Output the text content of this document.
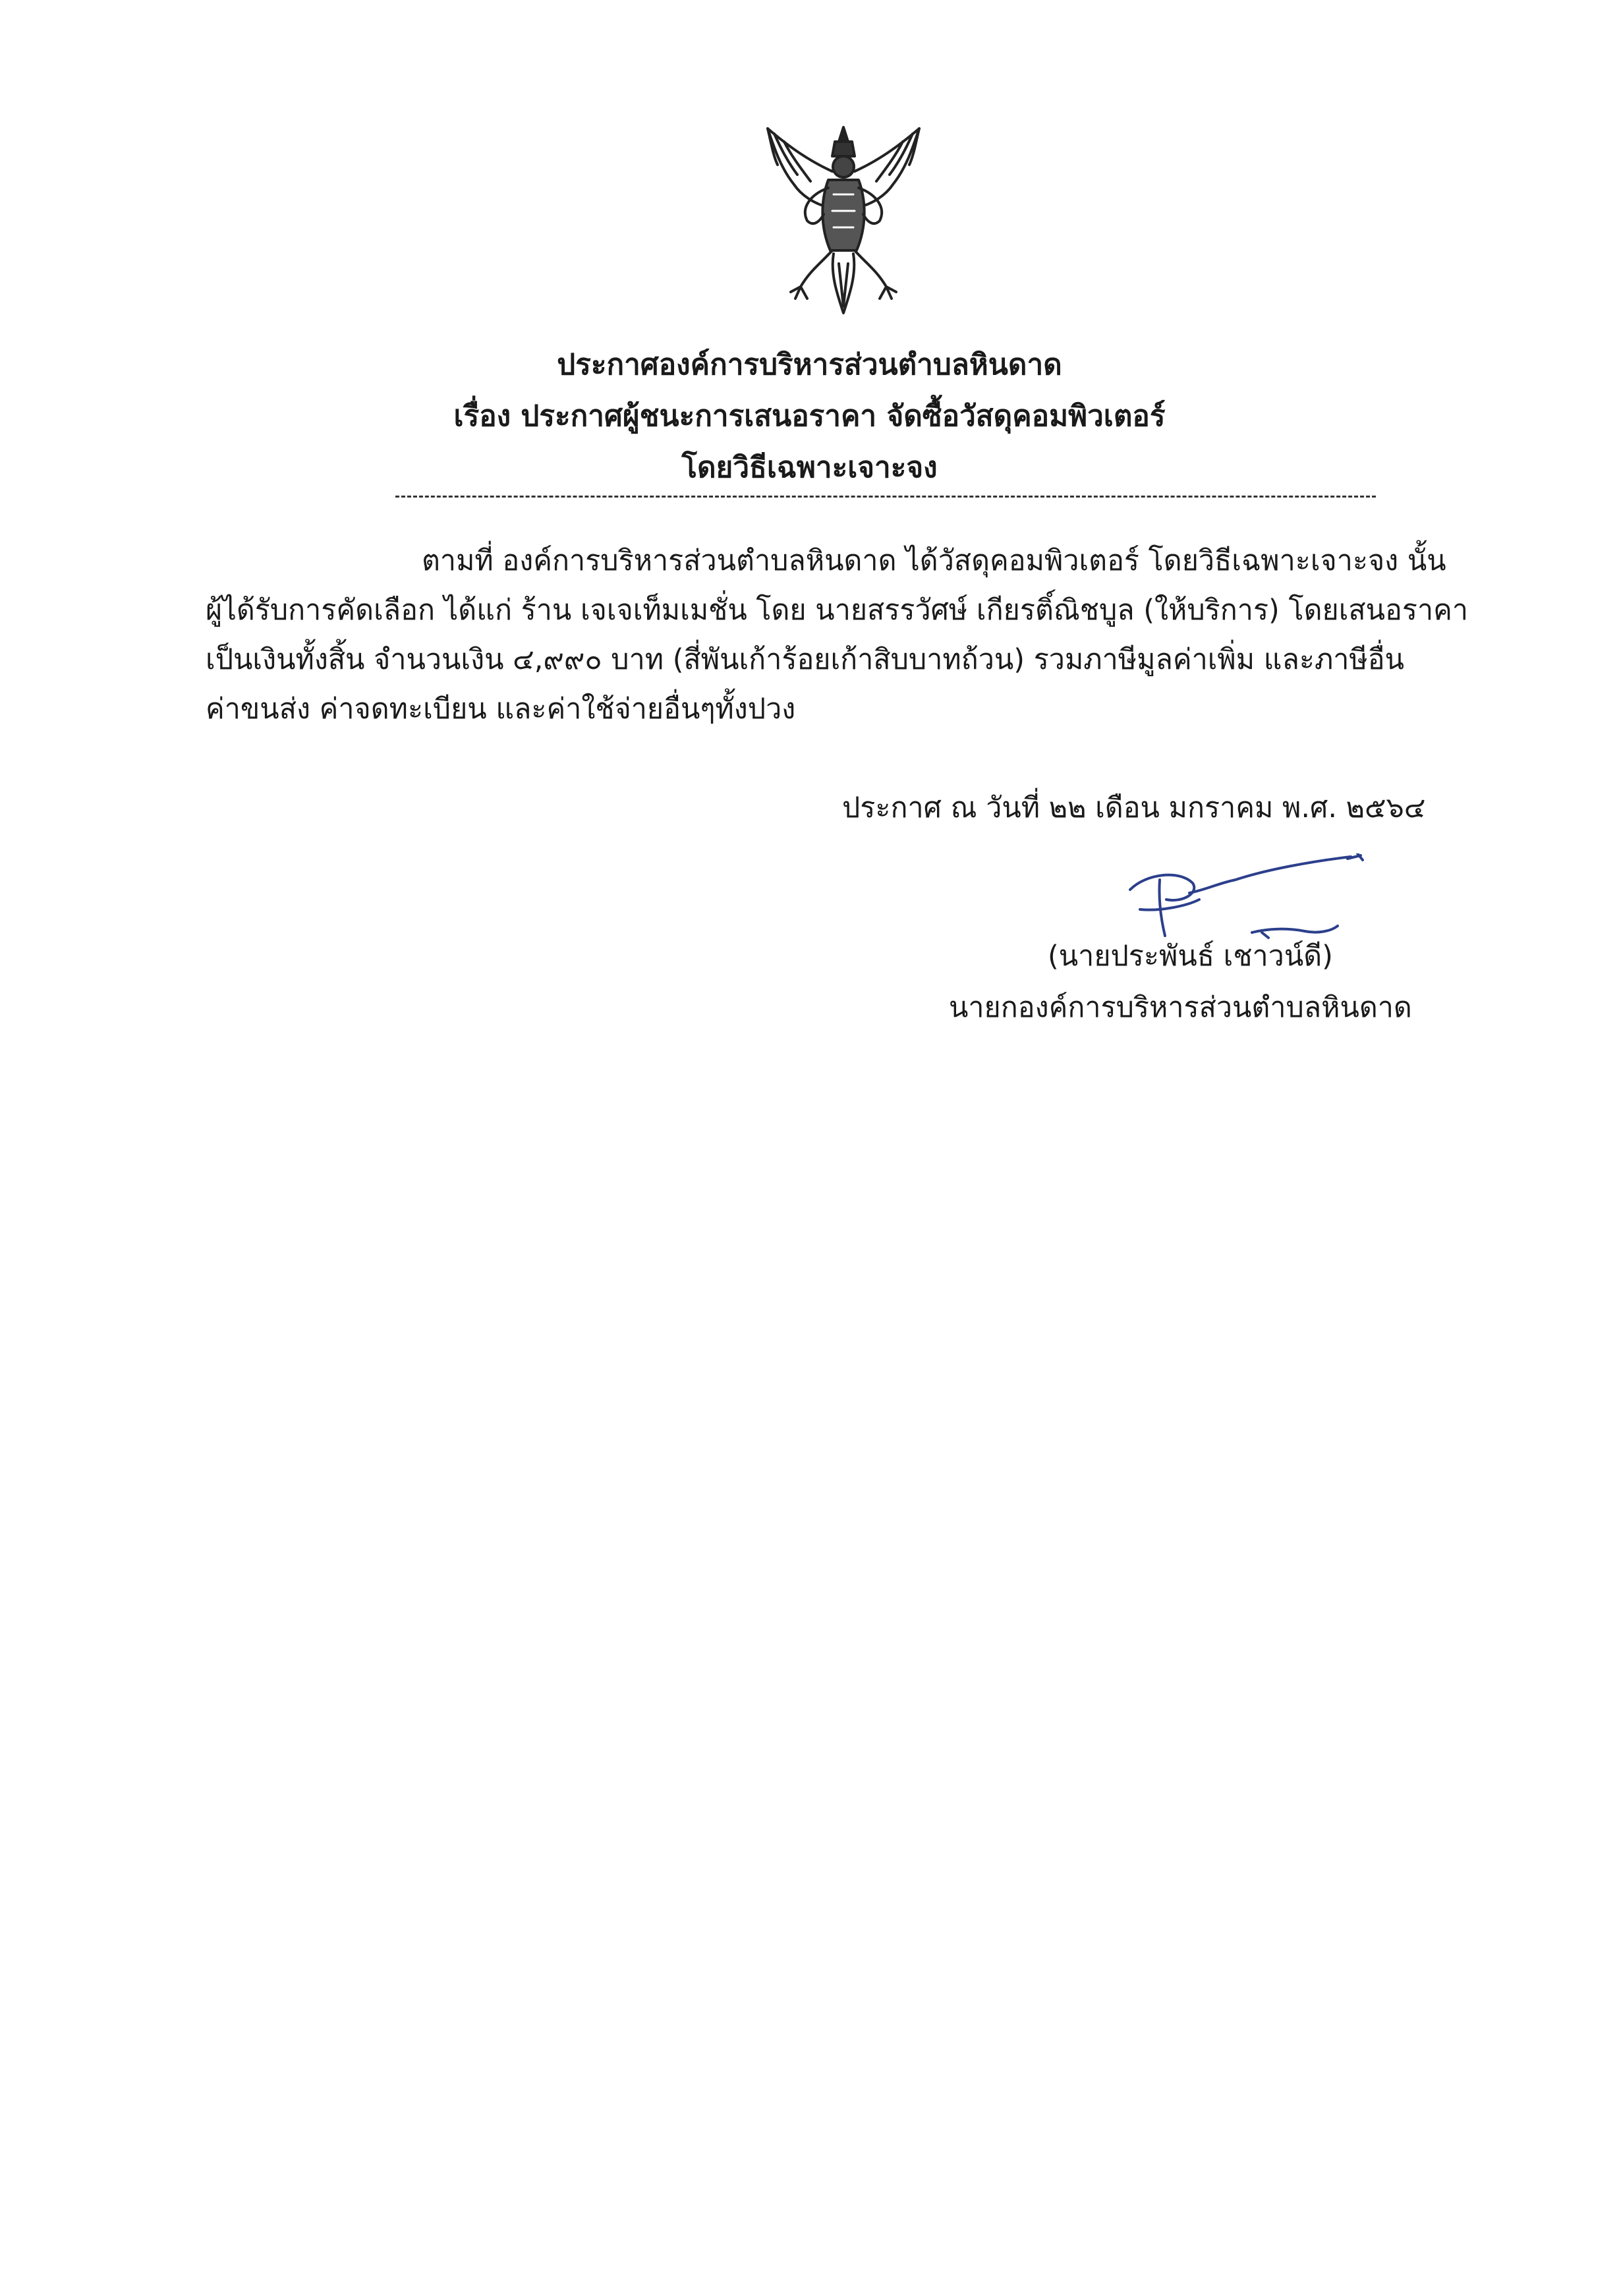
ประกาศองค์การบริหารส่วนตำบลหินดาด
เรื่อง ประกาศผู้ชนะการเสนอราคา จัดซื้อวัสดุคอมพิวเตอร์
โดยวิธีเฉพาะเจาะจง
ตามที่ องค์การบริหารส่วนตำบลหินดาด ได้วัสดุคอมพิวเตอร์ โดยวิธีเฉพาะเจาะจง นั้น
ผู้ได้รับการคัดเลือก ได้แก่ ร้าน เจเจเท็มเมชั่น โดย นายสรรวัศษ์ เกียรติ์ณิชบูล (ให้บริการ) โดยเสนอราคา
เป็นเงินทั้งสิ้น จำนวนเงิน ๔,๙๙๐ บาท (สี่พันเก้าร้อยเก้าสิบบาทถ้วน) รวมภาษีมูลค่าเพิ่ม และภาษีอื่น
ค่าขนส่ง ค่าจดทะเบียน และค่าใช้จ่ายอื่นๆทั้งปวง
ประกาศ ณ วันที่ ๒๒ เดือน มกราคม พ.ศ. ๒๕๖๔
(นายประพันธ์ เชาวน์ดี)
นายกองค์การบริหารส่วนตำบลหินดาด
